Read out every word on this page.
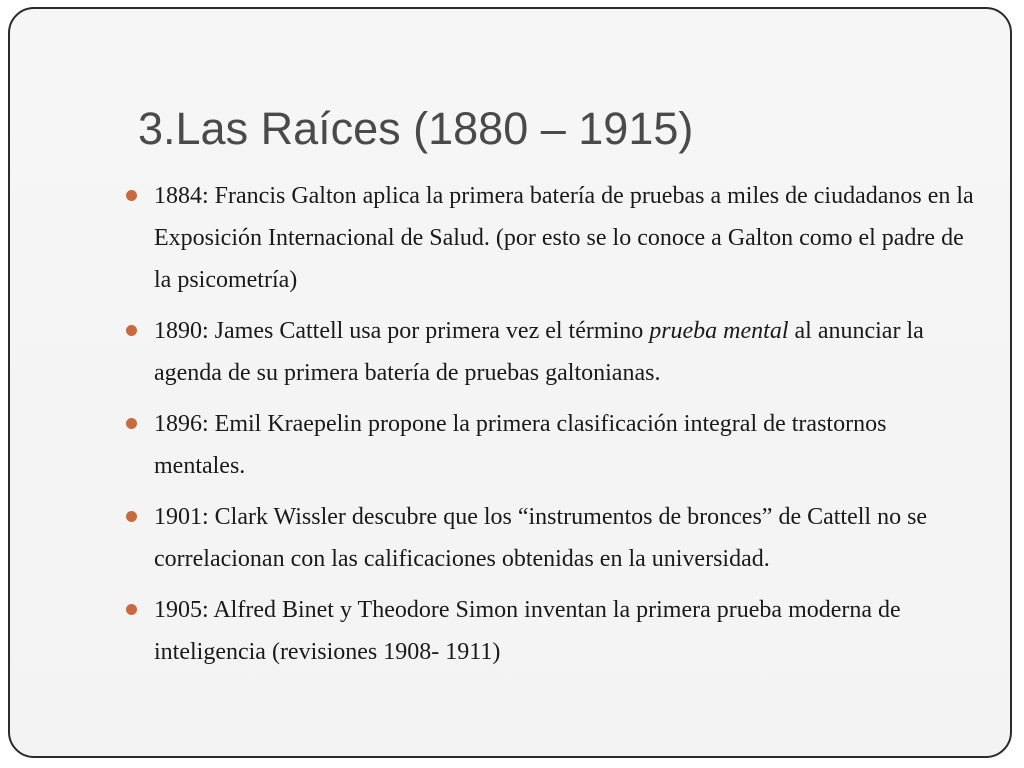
3.Las Raíces (1880 – 1915)
1884: Francis Galton aplica la primera batería de pruebas a miles de ciudadanos en la Exposición Internacional de Salud. (por esto se lo conoce a Galton como el padre de la psicometría)
1890: James Cattell usa por primera vez el término prueba mental al anunciar la agenda de su primera batería de pruebas galtonianas.
1896: Emil Kraepelin propone la primera clasificación integral de trastornos mentales.
1901: Clark Wissler descubre que los “instrumentos de bronces” de Cattell no se correlacionan con las calificaciones obtenidas en la universidad.
1905: Alfred Binet y Theodore Simon inventan la primera prueba moderna de inteligencia (revisiones 1908- 1911)
